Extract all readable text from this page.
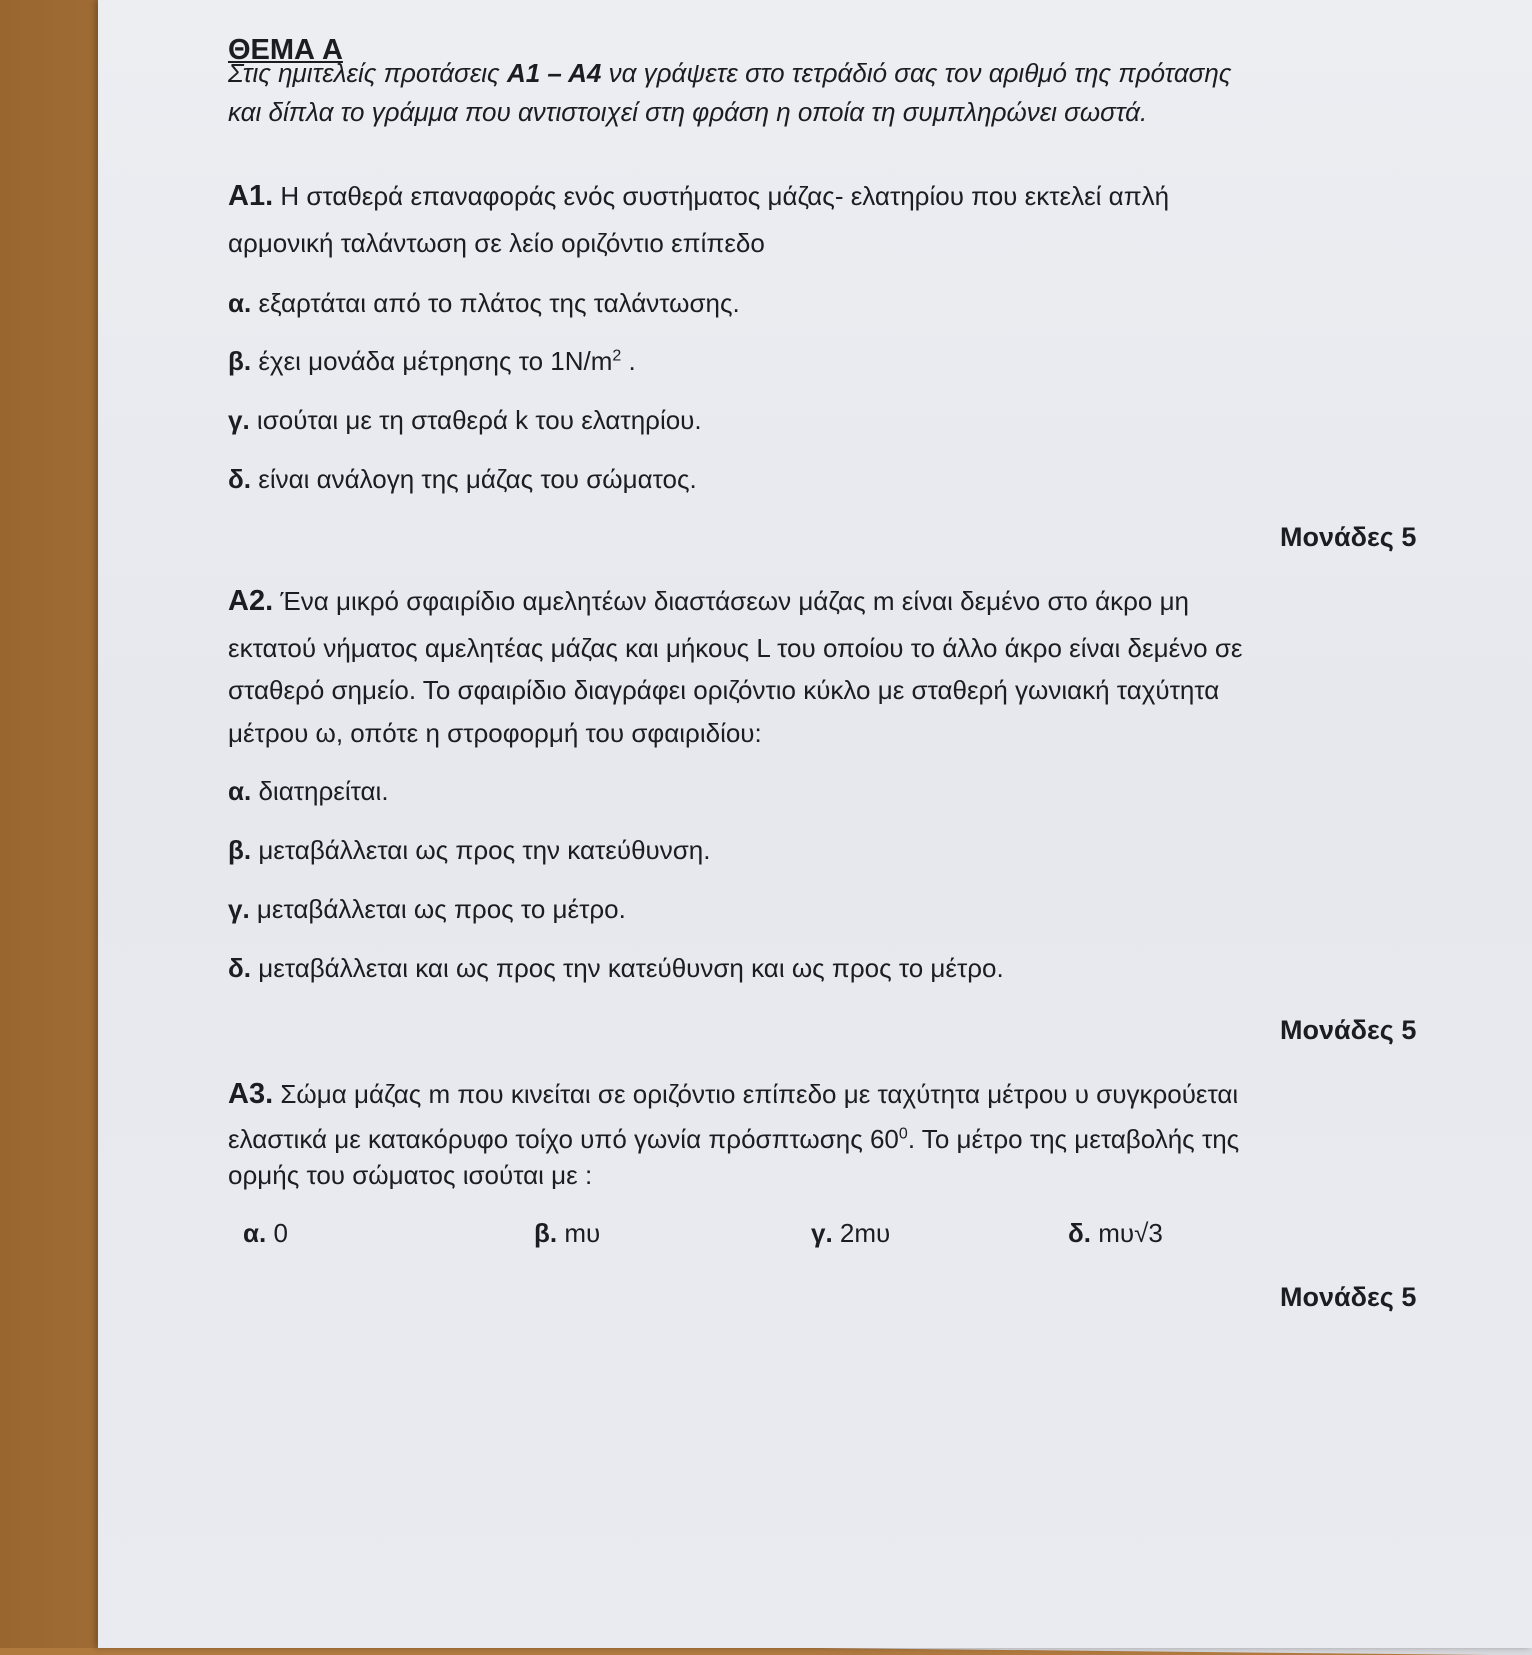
ΘΕΜΑ Α
Στις ημιτελείς προτάσεις Α1 – Α4 να γράψετε στο τετράδιό σας τον αριθμό της πρότασης
και δίπλα το γράμμα που αντιστοιχεί στη φράση η οποία τη συμπληρώνει σωστά.
Α1. Η σταθερά επαναφοράς ενός συστήματος μάζας- ελατηρίου που εκτελεί απλή
αρμονική ταλάντωση σε λείο οριζόντιο επίπεδο
α. εξαρτάται από το πλάτος της ταλάντωσης.
β. έχει μονάδα μέτρησης το $1N/m^2$ .
γ. ισούται με τη σταθερά k του ελατηρίου.
δ. είναι ανάλογη της μάζας του σώματος.
Μονάδες 5
Α2. Ένα μικρό σφαιρίδιο αμελητέων διαστάσεων μάζας m είναι δεμένο στο άκρο μη
εκτατού νήματος αμελητέας μάζας και μήκους L του οποίου το άλλο άκρο είναι δεμένο σε
σταθερό σημείο. Το σφαιρίδιο διαγράφει οριζόντιο κύκλο με σταθερή γωνιακή ταχύτητα
μέτρου ω, οπότε η στροφορμή του σφαιριδίου:
α. διατηρείται.
β. μεταβάλλεται ως προς την κατεύθυνση.
γ. μεταβάλλεται ως προς το μέτρο.
δ. μεταβάλλεται και ως προς την κατεύθυνση και ως προς το μέτρο.
Μονάδες 5
Α3. Σώμα μάζας m που κινείται σε οριζόντιο επίπεδο με ταχύτητα μέτρου υ συγκρούεται
ελαστικά με κατακόρυφο τοίχο υπό γωνία πρόσπτωσης $60^0$. Το μέτρο της μεταβολής της
ορμής του σώματος ισούται με :
α. 0	β. mυ	γ. 2mυ	δ. mυ√3
Μονάδες 5
